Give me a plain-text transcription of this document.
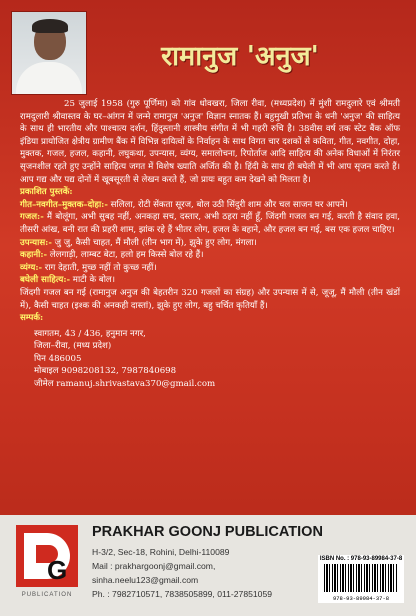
रामानुज 'अनुज'

25 जुलाई 1958 (गुरु पूर्णिमा) को गांव धोवखरा, जिला रीवा, (मध्यप्रदेश) में मुंशी रामदुलारे एवं श्रीमती रामदुलारी श्रीवास्तव के घर–आंगन में जन्मे रामानुज 'अनुज' विज्ञान स्नातक हैं। बहुमुखी प्रतिभा के धनी 'अनुज' की साहित्य के साथ ही भारतीय और पाश्चात्य दर्शन, हिंदुस्तानी शास्त्रीय संगीत में भी गहरी रुचि है। 38वीस वर्ष तक स्टेट बैंक ऑफ इंडिया प्रायोजित क्षेत्रीय ग्रामीण बैंक में विभिन्न दायित्वों के निर्वाहन के साथ विगत चार दशकों से कविता, गीत, नवगीत, दोहा, मुक्तक, गजल, हजल, कहानी, लघुकथा, उपन्यास, व्यंग्य, समालोचना, रिपोर्ताज आदि साहित्य की अनेक विधाओं में निरंतर सृजनशील रहते हुए उन्होंने साहित्य जगत में विशेष ख्याति अर्जित की है। हिंदी के साथ ही बघेली में भी आप सृजन करते हैं। आप गद्य और पद्य दोनों में खूबसूरती से लेखन करते हैं, जो प्रायः बहुत कम देखने को मिलता है।

प्रकाशित पुस्तकें:

गीत–नवगीत–मुक्तक–दोहा:- सलिला, रोटी सेंकता सूरज, बोल उठी सिंदुरी शाम और चल साजन घर आपने।

गजल:- मैं बोलूंगा, अभी सुबह नहीं, अनकहा सच, दस्तार, अभी ठहरा नहीं हूँ, जिंदगी गजल बन गई, करती है संवाद हवा, तीसरी आंख, बनी रात की प्रहरी शाम, झांक रहे हैं भीतर लोग, हजल के बहाने, और हजल बन गई, बस एक हजल चाहिए।

उपन्यास:- जु जु, कैसी चाहत, मैं मौली (तीन भाग में), झुके हुए लोग, मंगला।

कहानी:- लेलगाड़ी, लाम्बट बेटा, हलो हम किस्से बोल रहे हैं।

व्यंग्य:- राग देहाती, मुच्छ नहीं तो कुच्छ नहीं।

बघेली साहित्य:- माटी के बोल।

जिंदगी गजल बन गई (रामानुज अनुज की बेहतरीन 320 गजलों का संग्रह) और उपन्यास में से, जूजू, मैं मौली (तीन खंडों में), कैसी चाहत (इश्क की अनकही दास्तां), झुके हुए लोग, बहु चर्चित कृतियाँ हैं।

सम्पर्क:

स्वागतम, 43 / 436, हनुमान नगर,

जिला–रीवा, (मध्य प्रदेश)

पिन 486005

मोबाइल 9098208132, 7987840698

जीमेल ramanuj.shrivastava370@gmail.com

G
PUBLICATION
PRAKHAR GOONJ PUBLICATION
H-3/2, Sec-18, Rohini, Delhi-110089
Mail : prakhargoonj@gmail.com,
sinha.neelu123@gmail.com
Ph. : 7982710571, 7838505899, 011-27851059
ISBN No. : 978-93-89984-37-8
978-93-89984-37-8
